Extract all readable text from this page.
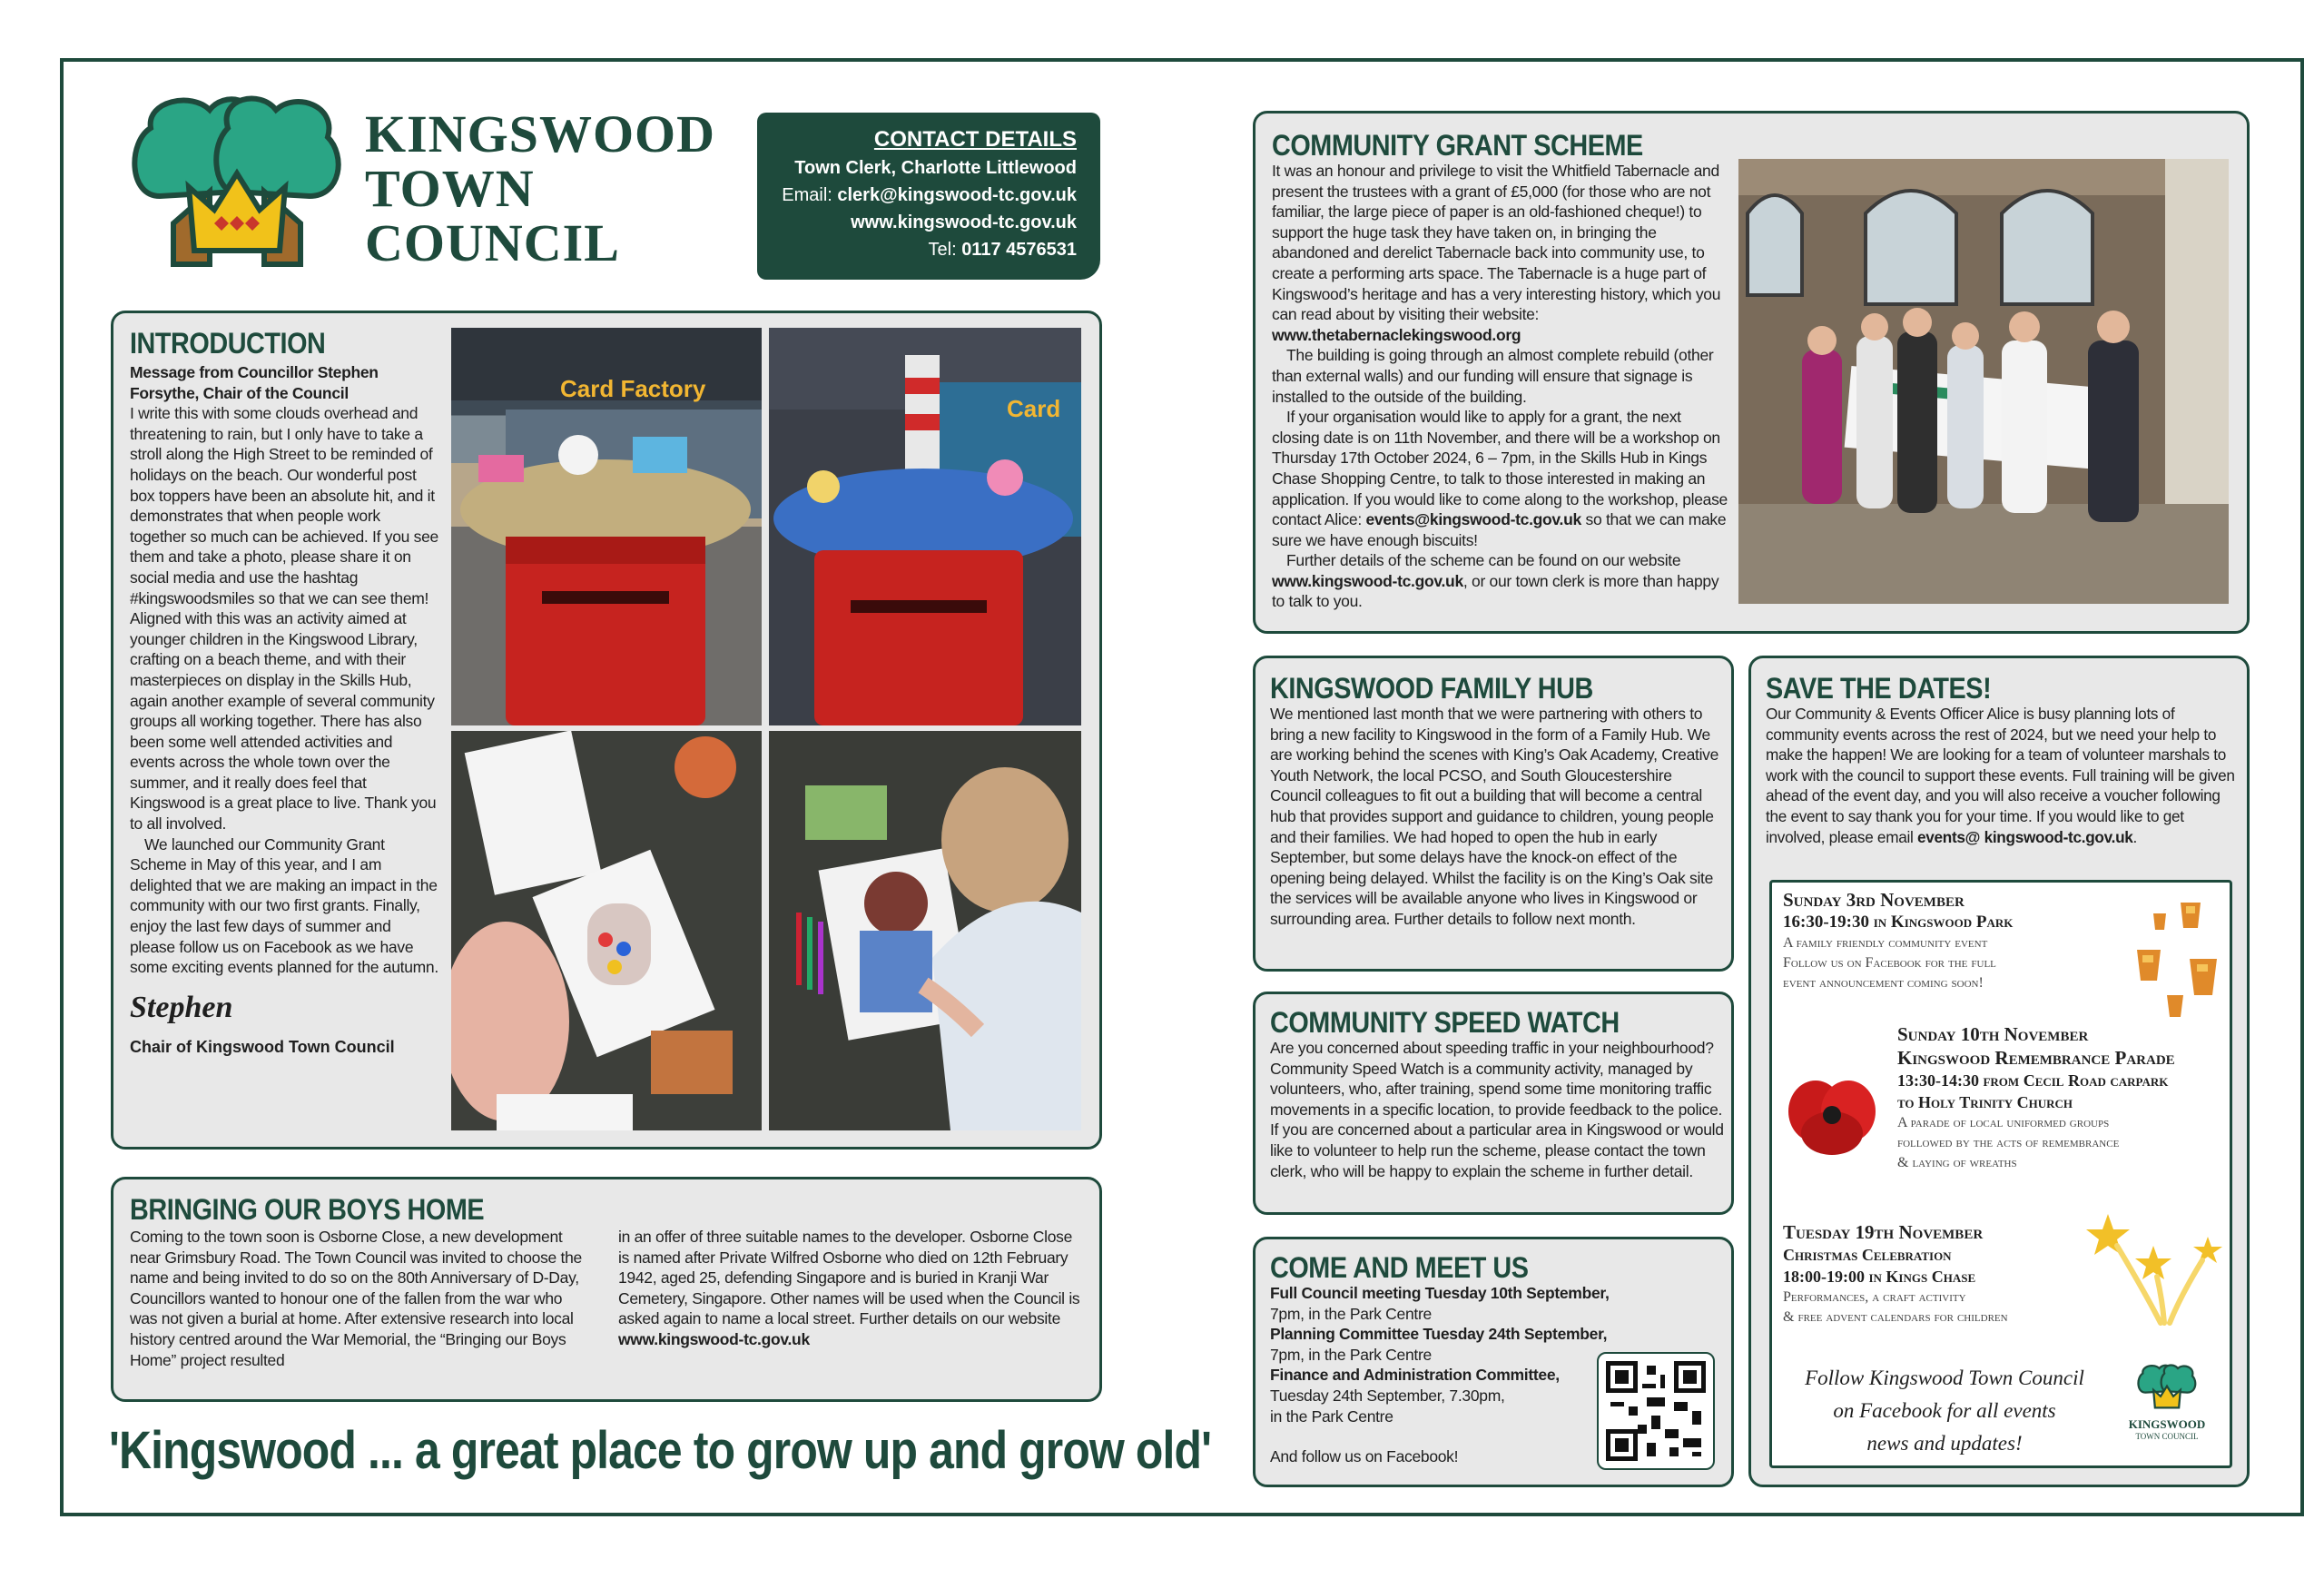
KINGSWOOD
TOWN
COUNCIL
CONTACT DETAILS
Town Clerk, Charlotte Littlewood
Email: clerk@kingswood-tc.gov.uk
www.kingswood-tc.gov.uk
Tel: 0117 4576531
INTRODUCTION
Message from Councillor Stephen
Forsythe, Chair of the Council

I write this with some clouds overhead and threatening to rain, but I only have to take a stroll along the High Street to be reminded of holidays on the beach. Our wonderful post box toppers have been an absolute hit, and it demonstrates that when people work together so much can be achieved. If you see them and take a photo, please share it on social media and use the hashtag #kingswoodsmiles so that we can see them! Aligned with this was an activity aimed at younger children in the Kingswood Library, crafting on a beach theme, and with their masterpieces on display in the Skills Hub, again another example of several community groups all working together. There has also been some well attended activities and events across the whole town over the summer, and it really does feel that Kingswood is a great place to live. Thank you to all involved.

We launched our Community Grant Scheme in May of this year, and I am delighted that we are making an impact in the community with our two first grants. Finally, enjoy the last few days of summer and please follow us on Facebook as we have some exciting events planned for the autumn.

Stephen
Chair of Kingswood Town Council
Card Factory
Card
BRINGING OUR BOYS HOME
Coming to the town soon is Osborne Close, a new development near Grimsbury Road. The Town Council was invited to choose the name and being invited to do so on the 80th Anniversary of D-Day, Councillors wanted to honour one of the fallen from the war who was not given a burial at home. After extensive research into local history centred around the War Memorial, the “Bringing our Boys Home” project resulted
in an offer of three suitable names to the developer. Osborne Close is named after Private Wilfred Osborne who died on 12th February 1942, aged 25, defending Singapore and is buried in Kranji War Cemetery, Singapore. Other names will be used when the Council is asked again to name a local street. Further details on our website www.kingswood-tc.gov.uk
'Kingswood ... a great place to grow up and grow old'
COMMUNITY GRANT SCHEME

It was an honour and privilege to visit the Whitfield Tabernacle and present the trustees with a grant of £5,000 (for those who are not familiar, the large piece of paper is an old-fashioned cheque!) to support the huge task they have taken on, in bringing the abandoned and derelict Tabernacle back into community use, to create a performing arts space. The Tabernacle is a huge part of Kingswood’s heritage and has a very interesting history, which you can read about by visiting their website:

www.thetabernaclekingswood.org

The building is going through an almost complete rebuild (other than external walls) and our funding will ensure that signage is installed to the outside of the building.

If your organisation would like to apply for a grant, the next closing date is on 11th November, and there will be a workshop on Thursday 17th October 2024, 6 – 7pm, in the Skills Hub in Kings Chase Shopping Centre, to talk to those interested in making an application. If you would like to come along to the workshop, please contact Alice: events@kingswood-tc.gov.uk so that we can make sure we have enough biscuits!

Further details of the scheme can be found on our website www.kingswood-tc.gov.uk, or our town clerk is more than happy to talk to you.

KINGSWOOD FAMILY HUB

We mentioned last month that we were partnering with others to bring a new facility to Kingswood in the form of a Family Hub. We are working behind the scenes with King’s Oak Academy, Creative Youth Network, the local PCSO, and South Gloucestershire Council colleagues to fit out a building that will become a central hub that provides support and guidance to children, young people and their families. We had hoped to open the hub in early September, but some delays have the knock-on effect of the opening being delayed. Whilst the facility is on the King’s Oak site the services will be available anyone who lives in Kingswood or surrounding area. Further details to follow next month.

COMMUNITY SPEED WATCH

Are you concerned about speeding traffic in your neighbourhood? Community Speed Watch is a community activity, managed by volunteers, who, after training, spend some time monitoring traffic movements in a specific location, to provide feedback to the police. If you are concerned about a particular area in Kingswood or would like to volunteer to help run the scheme, please contact the town clerk, who will be happy to explain the scheme in further detail.

COME AND MEET US
Full Council meeting Tuesday 10th September,
7pm, in the Park Centre
Planning Committee Tuesday 24th September,
7pm, in the Park Centre
Finance and Administration Committee,
Tuesday 24th September, 7.30pm,
in the Park Centre
And follow us on Facebook!
SAVE THE DATES!

Our Community & Events Officer Alice is busy planning lots of community events across the rest of 2024, but we need your help to make the happen! We are looking for a team of volunteer marshals to work with the council to support these events. Full training will be given ahead of the event day, and you will also receive a voucher following the event to say thank you for your time. If you would like to get involved, please email events@ kingswood-tc.gov.uk.

Sunday 3rd November
16:30-19:30 in Kingswood Park
A family friendly community event
Follow us on Facebook for the full
event announcement coming soon!
Sunday 10th November
Kingswood Remembrance Parade
13:30-14:30 from Cecil Road carpark
to Holy Trinity Church
A parade of local uniformed groups
followed by the acts of remembrance
& laying of wreaths
Tuesday 19th November
Christmas Celebration
18:00-19:00 in Kings Chase
Performances, a craft activity
& free advent calendars for children
Follow Kingswood Town Council
on Facebook for all events
news and updates!
KINGSWOOD
TOWN COUNCIL
